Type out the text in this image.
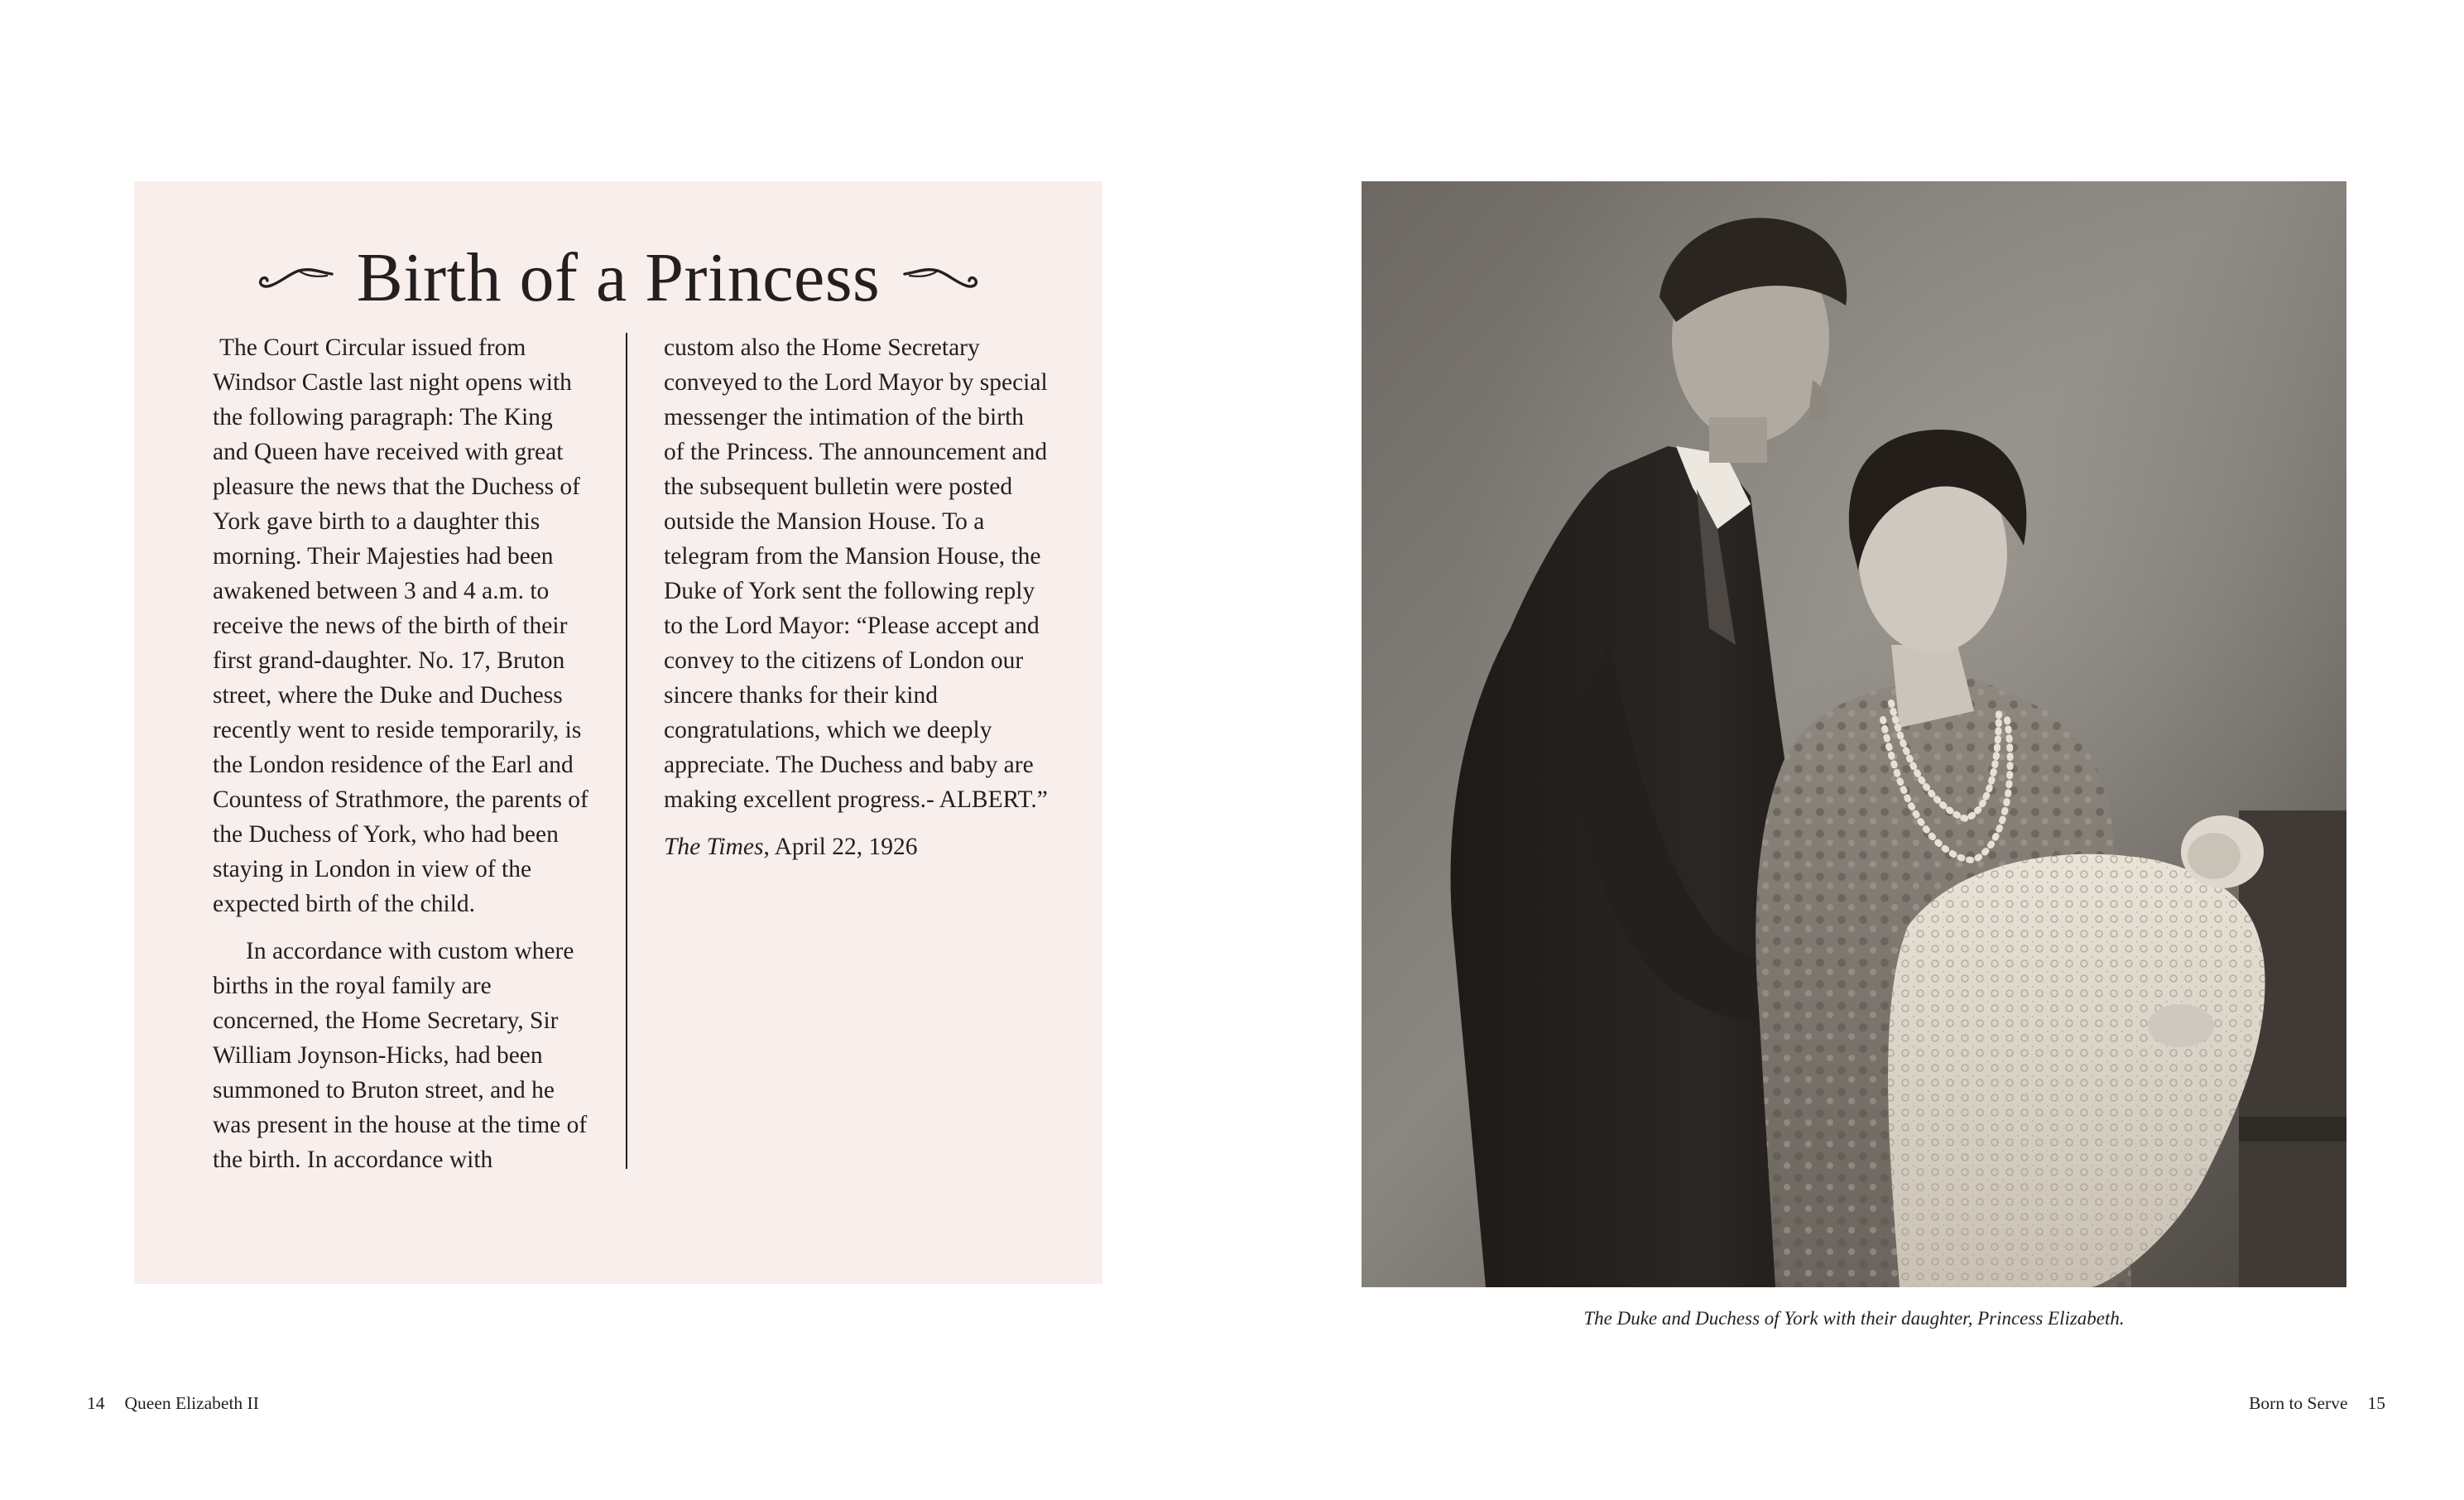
Birth of a Princess

The Court Circular issued from Windsor Castle last night opens with the following paragraph: The King and Queen have received with great pleasure the news that the Duchess of York gave birth to a daughter this morning. Their Majesties had been awakened between 3 and 4 a.m. to receive the news of the birth of their first grand-daughter. No. 17, Bruton street, where the Duke and Duchess recently went to reside temporarily, is the London residence of the Earl and Countess of Strathmore, the parents of the Duchess of York, who had been staying in London in view of the expected birth of the child.

In accordance with custom where births in the royal family are concerned, the Home Secretary, Sir William Joynson-Hicks, had been summoned to Bruton street, and he was present in the house at the time of the birth. In accordance with

custom also the Home Secretary conveyed to the Lord Mayor by special messenger the intimation of the birth of the Princess. The announcement and the subsequent bulletin were posted outside the Mansion House. To a telegram from the Mansion House, the Duke of York sent the following reply to the Lord Mayor: “Please accept and convey to the citizens of London our sincere thanks for their kind congratulations, which we deeply appreciate. The Duchess and baby are making excellent progress.- ALBERT.”

The Times, April 22, 1926

The Duke and Duchess of York with their daughter, Princess Elizabeth.
14 Queen Elizabeth II	Born to Serve 15
